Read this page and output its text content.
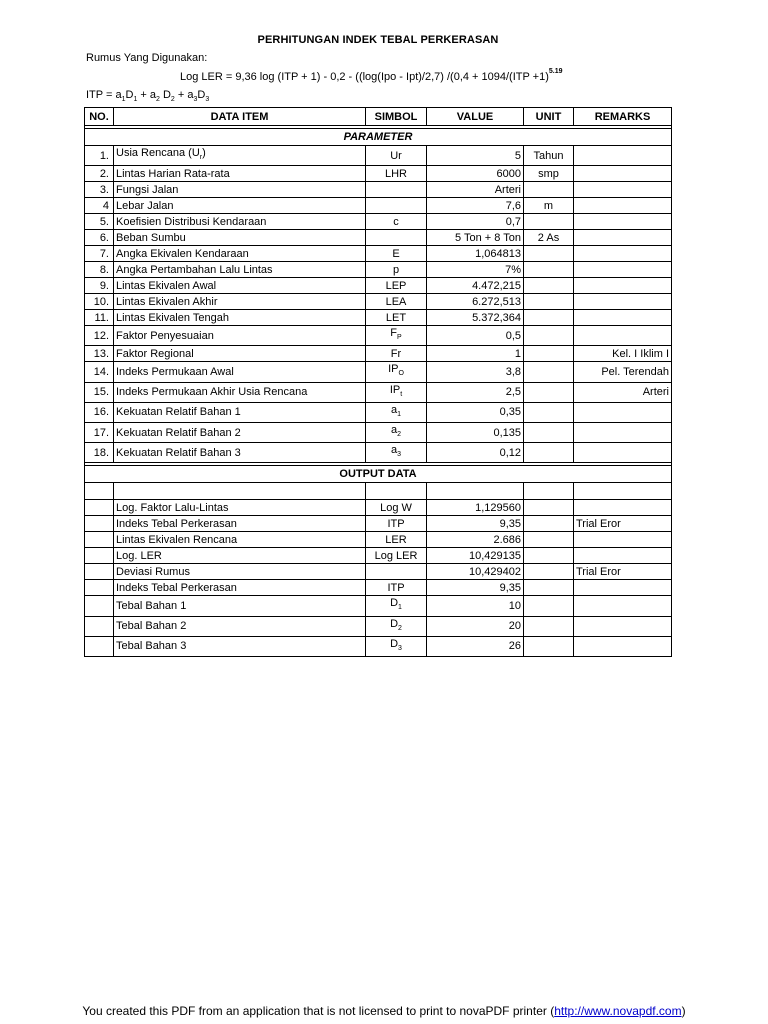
PERHITUNGAN INDEK TEBAL PERKERASAN
Rumus Yang Digunakan:
Log LER = 9,36 log (ITP + 1) - 0,2 - ((log(Ipo - Ipt)/2,7) /(0,4 + 1094/(ITP +1)$^{5.19}$
ITP = $a_1D_1 + a_2$ $D_2 + a_3D_3$
NO.	DATA ITEM	SIMBOL	VALUE	UNIT	REMARKS

PARAMETER					
1.	Usia Rencana $(U_r)$	Ur	5	Tahun	
2.	Lintas Harian Rata-rata	LHR	6000	smp	
3.	Fungsi Jalan		Arteri		
4	Lebar Jalan		7,6	m	
5.	Koefisien Distribusi Kendaraan	c	0,7		
6.	Beban Sumbu		5 Ton + 8 Ton	2 As	
7.	Angka Ekivalen Kendaraan	E	1,064813		
8.	Angka Pertambahan Lalu Lintas	p	7%		
9.	Lintas Ekivalen Awal	LEP	4.472,215		
10.	Lintas Ekivalen Akhir	LEA	6.272,513		
11.	Lintas Ekivalen Tengah	LET	5.372,364		
12.	Faktor Penyesuaian	$F_P$	0,5		
13.	Faktor Regional	Fr	1		Kel. I Iklim I
14.	Indeks Permukaan Awal	$IP_O$	3,8		Pel. Terendah
15.	Indeks Permukaan Akhir Usia Rencana	$IP_t$	2,5		Arteri
16.	Kekuatan Relatif Bahan 1	$a_1$	0,35		
17.	Kekuatan Relatif Bahan 2	$a_2$	0,135		
18.	Kekuatan Relatif Bahan 3	$a_3$	0,12		

OUTPUT DATA					

	Log. Faktor Lalu-Lintas	Log W	1,129560		
	Indeks Tebal Perkerasan	ITP	9,35		Trial Eror
	Lintas Ekivalen Rencana	LER	2.686		
	Log. LER	Log LER	10,429135		
	Deviasi Rumus		10,429402		Trial Eror
	Indeks Tebal Perkerasan	ITP	9,35		
	Tebal Bahan 1	$D_1$	10		
	Tebal Bahan 2	$D_2$	20		
	Tebal Bahan 3	$D_3$	26		
You created this PDF from an application that is not licensed to print to novaPDF printer (http://www.novapdf.com)
